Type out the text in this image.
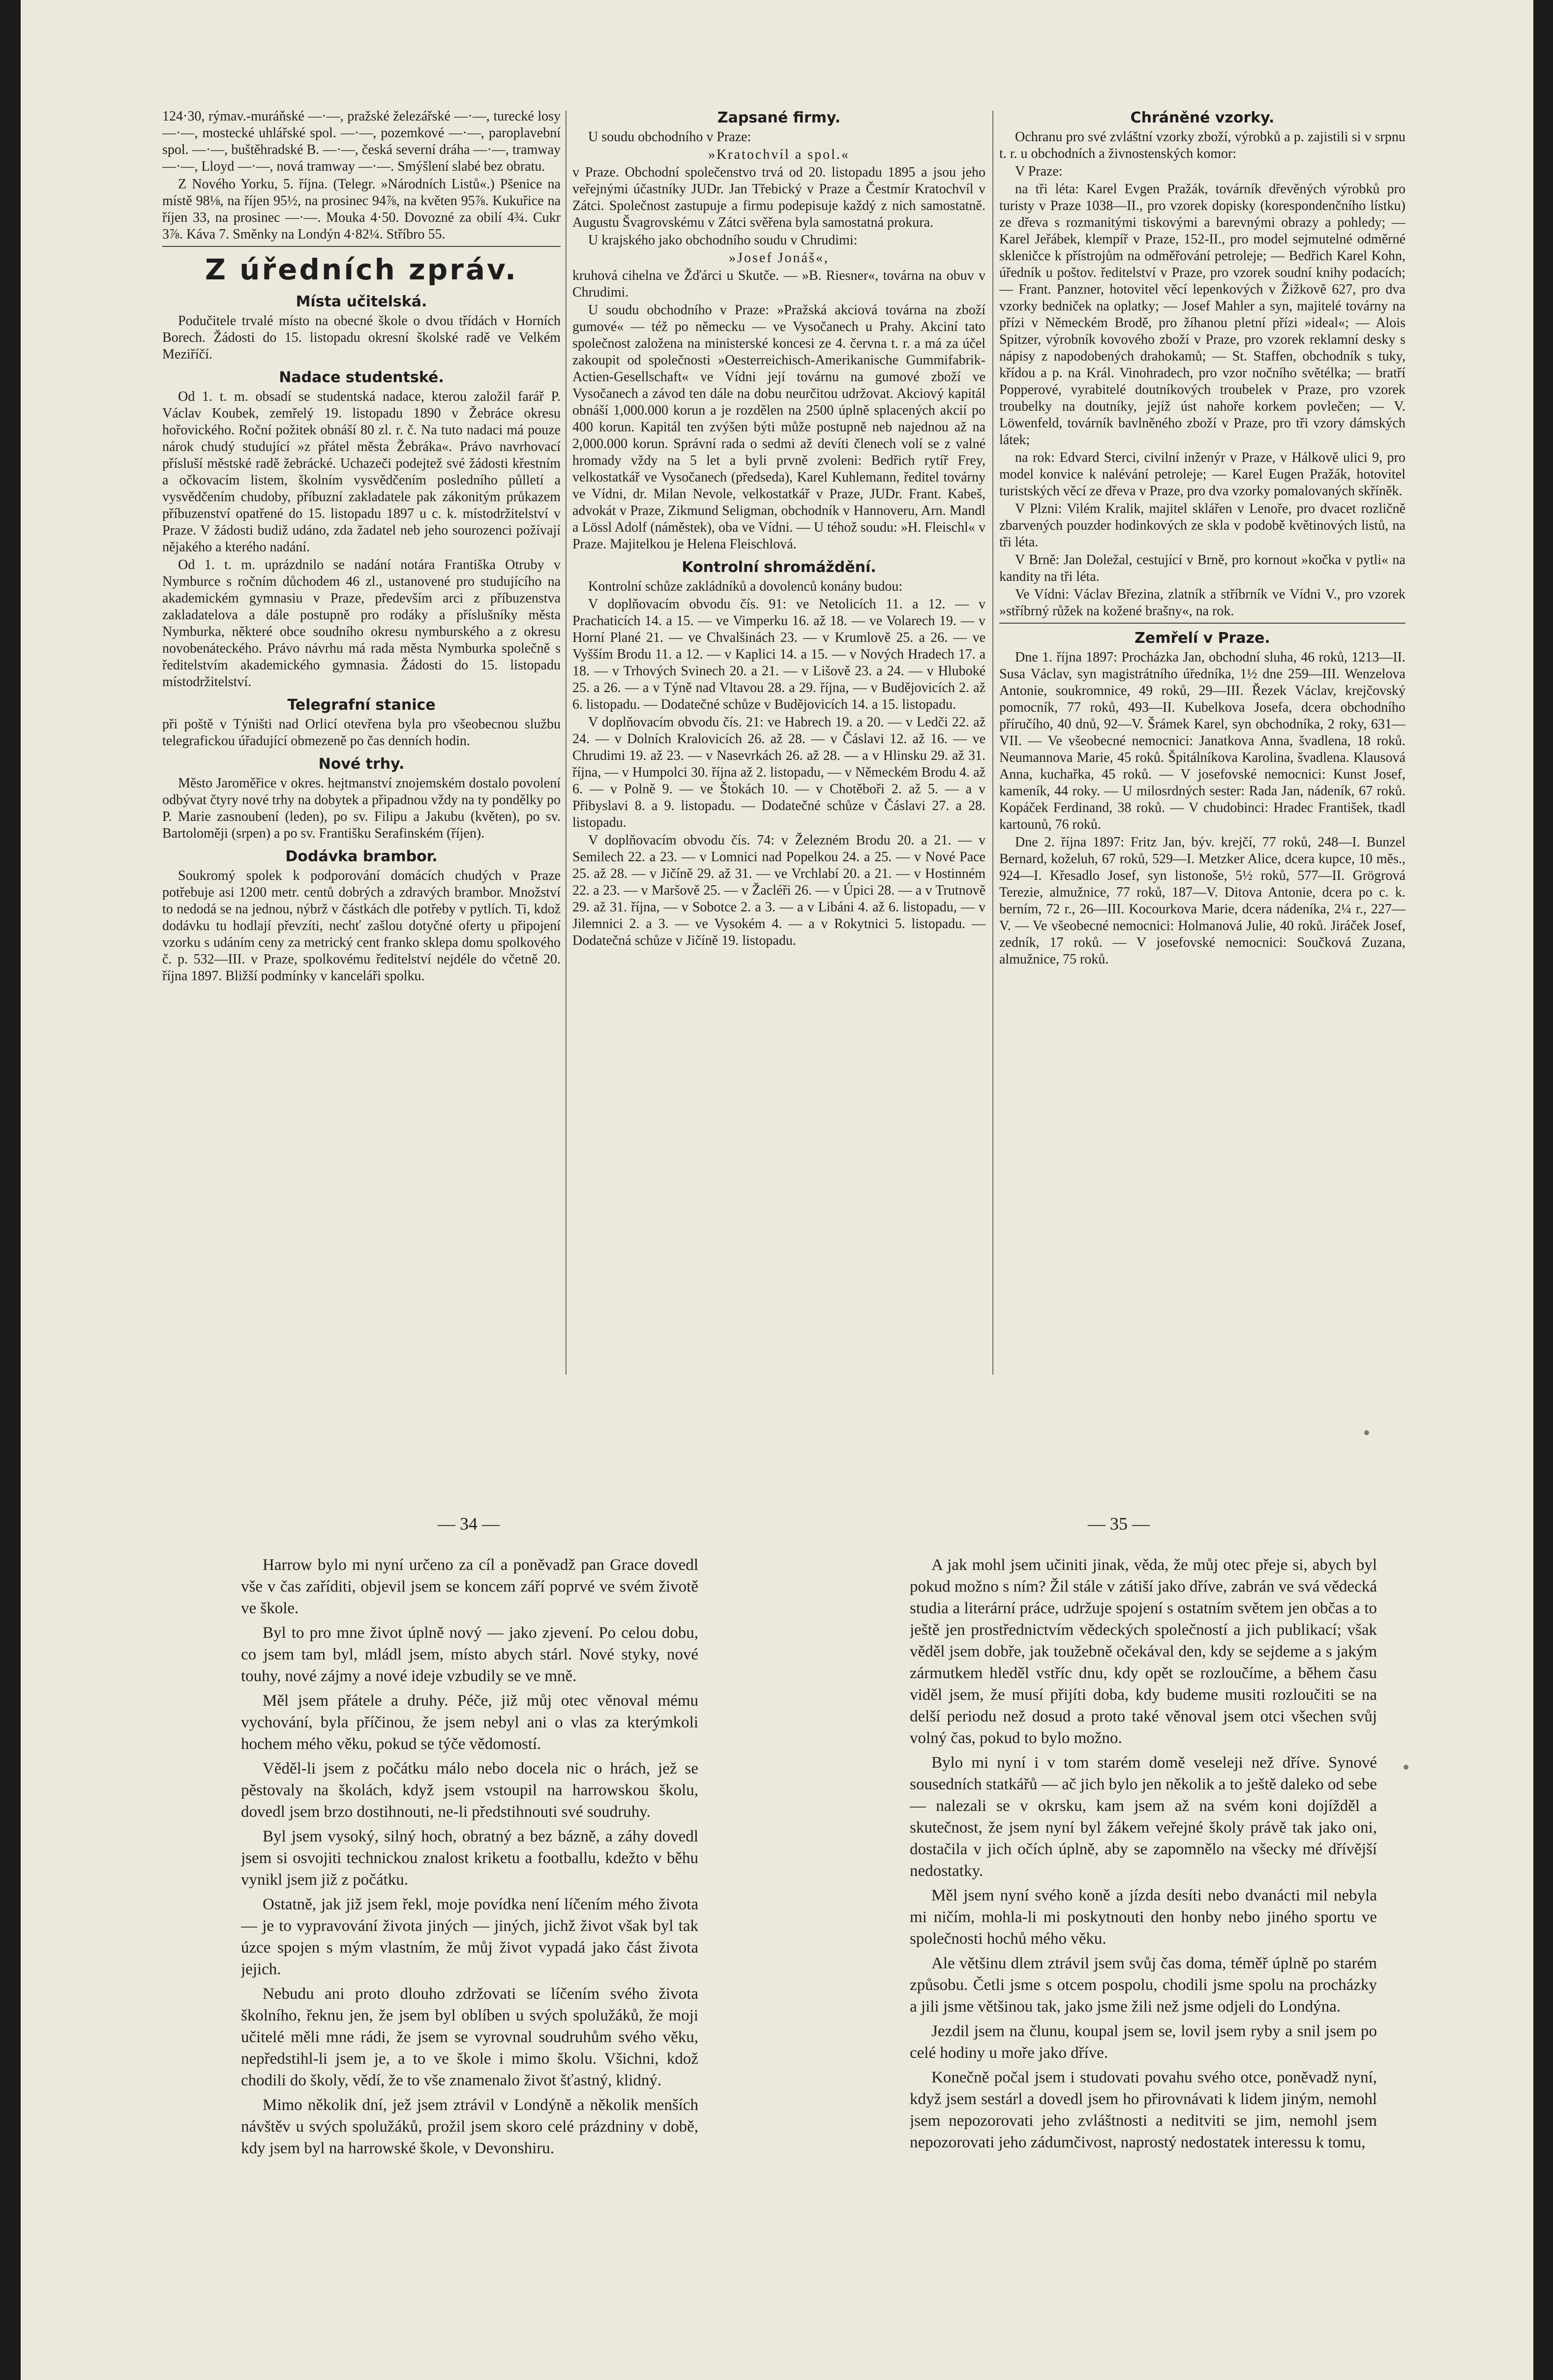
124·30, rýmav.-muráňské —·—, pražské železářské —·—, turecké losy —·—, mostecké uhlářské spol. —·—, pozemkové —·—, paroplavební spol. —·—, buštěhradské B. —·—, česká severní dráha —·—, tramway —·—, Lloyd —·—, nová tramway —·—. Smýšlení slabé bez obratu.

Z Nového Yorku, 5. října. (Telegr. »Národních Listů«.) Pšenice na místě 98⅛, na říjen 95½, na prosinec 94⅞, na květen 95⅞. Kukuřice na říjen 33, na prosinec —·—. Mouka 4·50. Dovozné za obilí 4¾. Cukr 3⅞. Káva 7. Směnky na Londýn 4·82¼. Stříbro 55.

Z úředních zpráv.
Místa učitelská.

Podučitele trvalé místo na obecné škole o dvou třídách v Horních Borech. Žádosti do 15. listopadu okresní školské radě ve Velkém Meziříčí.

Nadace studentské.

Od 1. t. m. obsadí se studentská nadace, kterou založil farář P. Václav Koubek, zemřelý 19. listopadu 1890 v Žebráce okresu hořovického. Roční požitek obnáší 80 zl. r. č. Na tuto nadaci má pouze nárok chudý studující »z přátel města Žebráka«. Právo navrhovací přísluší městské radě žebrácké. Uchazeči podejtež své žádosti křestním a očkovacím listem, školním vysvědčením posledního půlletí a vysvědčením chudoby, příbuzní zakladatele pak zákonitým průkazem příbuzenství opatřené do 15. listopadu 1897 u c. k. místodržitelství v Praze. V žádosti budiž udáno, zda žadatel neb jeho sourozenci požívají nějakého a kterého nadání.

Od 1. t. m. uprázdnilo se nadání notára Františka Otruby v Nymburce s ročním důchodem 46 zl., ustanovené pro studujícího na akademickém gymnasiu v Praze, především arci z příbuzenstva zakladatelova a dále postupně pro rodáky a příslušníky města Nymburka, některé obce soudního okresu nymburského a z okresu novobenáteckého. Právo návrhu má rada města Nymburka společně s ředitelstvím akademického gymnasia. Žádosti do 15. listopadu místodržitelství.

Telegrafní stanice

při poště v Týništi nad Orlicí otevřena byla pro všeobecnou službu telegrafickou úřadující obmezeně po čas denních hodin.

Nové trhy.

Město Jaroměřice v okres. hejtmanství znojemském dostalo povolení odbývat čtyry nové trhy na dobytek a připadnou vždy na ty pondělky po P. Marie zasnoubení (leden), po sv. Filipu a Jakubu (květen), po sv. Bartoloměji (srpen) a po sv. Františku Serafinském (říjen).

Dodávka brambor.

Soukromý spolek k podporování domácích chudých v Praze potřebuje asi 1200 metr. centů dobrých a zdravých brambor. Množství to nedodá se na jednou, nýbrž v částkách dle potřeby v pytlích. Ti, kdož dodávku tu hodlají převzíti, nechť zašlou dotyčné oferty u připojení vzorku s udáním ceny za metrický cent franko sklepa domu spolkového č. p. 532—III. v Praze, spolkovému ředitelství nejdéle do včetně 20. října 1897. Bližší podmínky v kanceláři spolku.

Zapsané firmy.

U soudu obchodního v Praze:

»Kratochvíl a spol.«

v Praze. Obchodní společenstvo trvá od 20. listopadu 1895 a jsou jeho veřejnými účastníky JUDr. Jan Třebický v Praze a Čestmír Kratochvíl v Zátci. Společnost zastupuje a firmu podepisuje každý z nich samostatně. Augustu Švagrovskému v Zátci svěřena byla samostatná prokura.

U krajského jako obchodního soudu v Chrudimi:

»Josef Jonáš«,

kruhová cihelna ve Žďárci u Skutče. — »B. Riesner«, továrna na obuv v Chrudimi.

U soudu obchodního v Praze: »Pražská akciová továrna na zboží gumové« — též po německu — ve Vysočanech u Prahy. Akciní tato společnost založena na ministerské koncesi ze 4. června t. r. a má za účel zakoupit od společnosti »Oesterreichisch-Amerikanische Gummifabrik-Actien-Gesellschaft« ve Vídni její továrnu na gumové zboží ve Vysočanech a závod ten dále na dobu neurčitou udržovat. Akciový kapitál obnáší 1,000.000 korun a je rozdělen na 2500 úplně splacených akcií po 400 korun. Kapitál ten zvýšen býti může postupně neb najednou až na 2,000.000 korun. Správní rada o sedmi až devíti členech volí se z valné hromady vždy na 5 let a byli prvně zvoleni: Bedřich rytíř Frey, velkostatkář ve Vysočanech (předseda), Karel Kuhlemann, ředitel továrny ve Vídni, dr. Milan Nevole, velkostatkář v Praze, JUDr. Frant. Kabeš, advokát v Praze, Zikmund Seligman, obchodník v Hannoveru, Arn. Mandl a Lössl Adolf (náměstek), oba ve Vídni. — U téhož soudu: »H. Fleischl« v Praze. Majitelkou je Helena Fleischlová.

Kontrolní shromáždění.

Kontrolní schůze zakládníků a dovolenců konány budou:

V doplňovacím obvodu čís. 91: ve Netolicích 11. a 12. — v Prachaticích 14. a 15. — ve Vimperku 16. až 18. — ve Volarech 19. — v Horní Plané 21. — ve Chvalšinách 23. — v Krumlově 25. a 26. — ve Vyšším Brodu 11. a 12. — v Kaplici 14. a 15. — v Nových Hradech 17. a 18. — v Trhových Svinech 20. a 21. — v Lišově 23. a 24. — v Hluboké 25. a 26. — a v Týně nad Vltavou 28. a 29. října, — v Budějovicích 2. až 6. listopadu. — Dodatečné schůze v Budějovicích 14. a 15. listopadu.

V doplňovacím obvodu čís. 21: ve Habrech 19. a 20. — v Ledči 22. až 24. — v Dolních Kralovicích 26. až 28. — v Čáslavi 12. až 16. — ve Chrudimi 19. až 23. — v Nasevrkách 26. až 28. — a v Hlinsku 29. až 31. října, — v Humpolci 30. října až 2. listopadu, — v Německém Brodu 4. až 6. — v Polně 9. — ve Štokách 10. — v Chotěboři 2. až 5. — a v Přibyslavi 8. a 9. listopadu. — Dodatečné schůze v Čáslavi 27. a 28. listopadu.

V doplňovacím obvodu čís. 74: v Železném Brodu 20. a 21. — v Semilech 22. a 23. — v Lomnici nad Popelkou 24. a 25. — v Nové Pace 25. až 28. — v Jičíně 29. až 31. — ve Vrchlabí 20. a 21. — v Hostinném 22. a 23. — v Maršově 25. — v Žacléři 26. — v Úpici 28. — a v Trutnově 29. až 31. října, — v Sobotce 2. a 3. — a v Libáni 4. až 6. listopadu, — v Jilemnici 2. a 3. — ve Vysokém 4. — a v Rokytnici 5. listopadu. — Dodatečná schůze v Jičíně 19. listopadu.

Chráněné vzorky.

Ochranu pro své zvláštní vzorky zboží, výrobků a p. zajistili si v srpnu t. r. u obchodních a živnostenských komor:

V Praze:

na tři léta: Karel Evgen Pražák, továrník dřevěných výrobků pro turisty v Praze 1038—II., pro vzorek dopisky (korespondenčního lístku) ze dřeva s rozmanitými tiskovými a barevnými obrazy a pohledy; — Karel Jeřábek, klempíř v Praze, 152-II., pro model sejmutelné odměrné skleničce k přístrojům na odměřování petroleje; — Bedřich Karel Kohn, úředník u poštov. ředitelství v Praze, pro vzorek soudní knihy podacích; — Frant. Panzner, hotovitel věcí lepenkových v Žižkově 627, pro dva vzorky bedniček na oplatky; — Josef Mahler a syn, majitelé továrny na přízi v Německém Brodě, pro žíhanou pletní přízi »ideal«; — Alois Spitzer, výrobník kovového zboží v Praze, pro vzorek reklamní desky s nápisy z napodobených drahokamů; — St. Staffen, obchodník s tuky, křídou a p. na Král. Vinohradech, pro vzor nočního světélka; — bratří Popperové, vyrabitelé doutníkových troubelek v Praze, pro vzorek troubelky na doutníky, jejíž úst nahoře korkem povlečen; — V. Löwenfeld, továrník bavlněného zboží v Praze, pro tři vzory dámských látek;

na rok: Edvard Sterci, civilní inženýr v Praze, v Hálkově ulici 9, pro model konvice k nalévání petroleje; — Karel Eugen Pražák, hotovitel turistských věcí ze dřeva v Praze, pro dva vzorky pomalovaných skříněk.

V Plzni: Vilém Kralik, majitel sklářen v Lenoře, pro dvacet rozličně zbarvených pouzder hodinkových ze skla v podobě květinových listů, na tři léta.

V Brně: Jan Doležal, cestující v Brně, pro kornout »kočka v pytli« na kandity na tři léta.

Ve Vídni: Václav Březina, zlatník a stříbrník ve Vídni V., pro vzorek »stříbrný růžek na kožené brašny«, na rok.

Zemřelí v Praze.

Dne 1. října 1897: Procházka Jan, obchodní sluha, 46 roků, 1213—II. Susa Václav, syn magistrátního úředníka, 1½ dne 259—III. Wenzelova Antonie, soukromnice, 49 roků, 29—III. Řezek Václav, krejčovský pomocník, 77 roků, 493—II. Kubelkova Josefa, dcera obchodního příručího, 40 dnů, 92—V. Šrámek Karel, syn obchodníka, 2 roky, 631—VII. — Ve všeobecné nemocnici: Janatkova Anna, švadlena, 18 roků. Neumannova Marie, 45 roků. Špitálníkova Karolina, švadlena. Klausová Anna, kuchařka, 45 roků. — V josefovské nemocnici: Kunst Josef, kameník, 44 roky. — U milosrdných sester: Rada Jan, nádeník, 67 roků. Kopáček Ferdinand, 38 roků. — V chudobinci: Hradec František, tkadl kartounů, 76 roků.

Dne 2. října 1897: Fritz Jan, býv. krejčí, 77 roků, 248—I. Bunzel Bernard, koželuh, 67 roků, 529—I. Metzker Alice, dcera kupce, 10 měs., 924—I. Křesadlo Josef, syn listonoše, 5½ roků, 577—II. Grögrová Terezie, almužnice, 77 roků, 187—V. Ditova Antonie, dcera po c. k. berním, 72 r., 26—III. Kocourkova Marie, dcera nádeníka, 2¼ r., 227—V. — Ve všeobecné nemocnici: Holmanová Julie, 40 roků. Jiráček Josef, zedník, 17 roků. — V josefovské nemocnici: Součková Zuzana, almužnice, 75 roků.

— 34 —	— 35 —

Harrow bylo mi nyní určeno za cíl a poněvadž pan Grace dovedl vše v čas zaříditi, objevil jsem se koncem září poprvé ve svém životě ve škole.

Byl to pro mne život úplně nový — jako zjevení. Po celou dobu, co jsem tam byl, mládl jsem, místo abych stárl. Nové styky, nové touhy, nové zájmy a nové ideje vzbudily se ve mně.

Měl jsem přátele a druhy. Péče, již můj otec věnoval mému vychování, byla příčinou, že jsem nebyl ani o vlas za kterýmkoli hochem mého věku, pokud se týče vědomostí.

Věděl-li jsem z počátku málo nebo docela nic o hrách, jež se pěstovaly na školách, když jsem vstoupil na harrowskou školu, dovedl jsem brzo dostihnouti, ne-li předstihnouti své soudruhy.

Byl jsem vysoký, silný hoch, obratný a bez bázně, a záhy dovedl jsem si osvojiti technickou znalost kriketu a footballu, kdežto v běhu vynikl jsem již z počátku.

Ostatně, jak již jsem řekl, moje povídka není líčením mého života — je to vypravování života jiných — jiných, jichž život však byl tak úzce spojen s mým vlastním, že můj život vypadá jako část života jejich.

Nebudu ani proto dlouho zdržovati se líčením svého života školního, řeknu jen, že jsem byl oblíben u svých spolužáků, že moji učitelé měli mne rádi, že jsem se vyrovnal soudruhům svého věku, nepředstihl-li jsem je, a to ve škole i mimo školu. Všichni, kdož chodili do školy, vědí, že to vše znamenalo život šťastný, klidný.

Mimo několik dní, jež jsem ztrávil v Londýně a několik menších návštěv u svých spolužáků, prožil jsem skoro celé prázdniny v době, kdy jsem byl na harrowské škole, v Devonshiru.

A jak mohl jsem učiniti jinak, věda, že můj otec přeje si, abych byl pokud možno s ním? Žil stále v zátiší jako dříve, zabrán ve svá vědecká studia a literární práce, udržuje spojení s ostatním světem jen občas a to ještě jen prostřednictvím vědeckých společností a jich publikací; však věděl jsem dobře, jak toužebně očekával den, kdy se sejdeme a s jakým zármutkem hleděl vstříc dnu, kdy opět se rozloučíme, a během času viděl jsem, že musí přijíti doba, kdy budeme musiti rozloučiti se na delší periodu než dosud a proto také věnoval jsem otci všechen svůj volný čas, pokud to bylo možno.

Bylo mi nyní i v tom starém domě veseleji než dříve. Synové sousedních statkářů — ač jich bylo jen několik a to ještě daleko od sebe — nalezali se v okrsku, kam jsem až na svém koni dojížděl a skutečnost, že jsem nyní byl žákem veřejné školy právě tak jako oni, dostačila v jich očích úplně, aby se zapomnělo na všecky mé dřívější nedostatky.

Měl jsem nyní svého koně a jízda desíti nebo dvanácti mil nebyla mi ničím, mohla-li mi poskytnouti den honby nebo jiného sportu ve společnosti hochů mého věku.

Ale většinu dlem ztrávil jsem svůj čas doma, téměř úplně po starém způsobu. Četli jsme s otcem pospolu, chodili jsme spolu na procházky a jili jsme většinou tak, jako jsme žili než jsme odjeli do Londýna.

Jezdil jsem na člunu, koupal jsem se, lovil jsem ryby a snil jsem po celé hodiny u moře jako dříve.

Konečně počal jsem i studovati povahu svého otce, poněvadž nyní, když jsem sestárl a dovedl jsem ho přirovnávati k lidem jiným, nemohl jsem nepozorovati jeho zvláštnosti a neditviti se jim, nemohl jsem nepozorovati jeho zádumčivost, naprostý nedostatek interessu k tomu,
